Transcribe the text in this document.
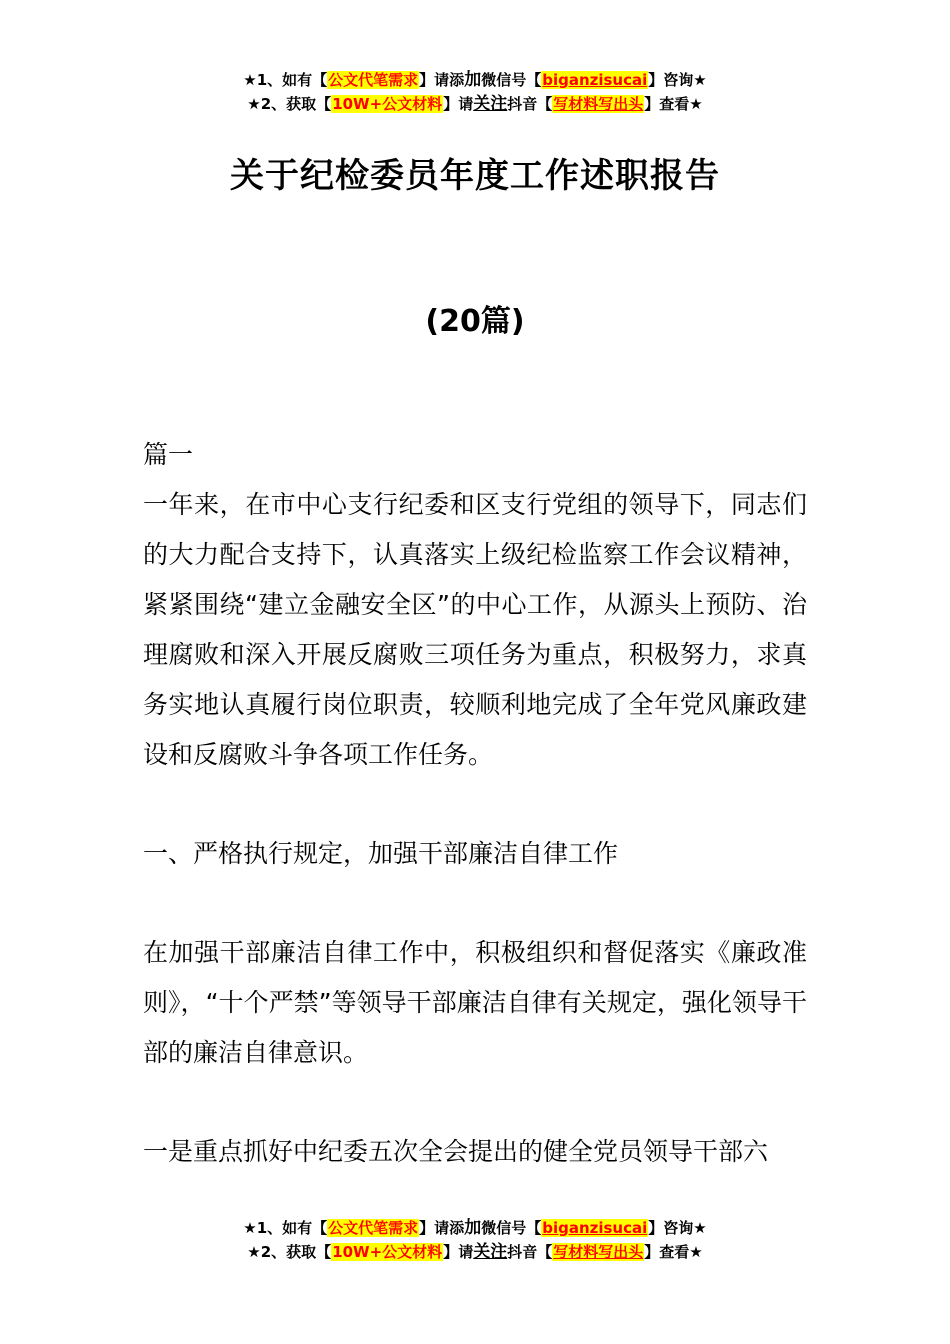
★1、如有【公文代笔需求】请添加微信号【biganzisucai】咨询★
★2、获取【10W+公文材料】请关注抖音【写材料写出头】查看★
关于纪检委员年度工作述职报告
(20篇)

篇一

一年来，在市中心支行纪委和区支行党组的领导下，同志们的大力配合支持下，认真落实上级纪检监察工作会议精神，紧紧围绕“建立金融安全区”的中心工作，从源头上预防、治理腐败和深入开展反腐败三项任务为重点，积极努力，求真务实地认真履行岗位职责，较顺利地完成了全年党风廉政建设和反腐败斗争各项工作任务。

一、严格执行规定，加强干部廉洁自律工作

在加强干部廉洁自律工作中，积极组织和督促落实《廉政准则》，“十个严禁”等领导干部廉洁自律有关规定，强化领导干部的廉洁自律意识。

一是重点抓好中纪委五次全会提出的健全党员领导干部六

★1、如有【公文代笔需求】请添加微信号【biganzisucai】咨询★
★2、获取【10W+公文材料】请关注抖音【写材料写出头】查看★
